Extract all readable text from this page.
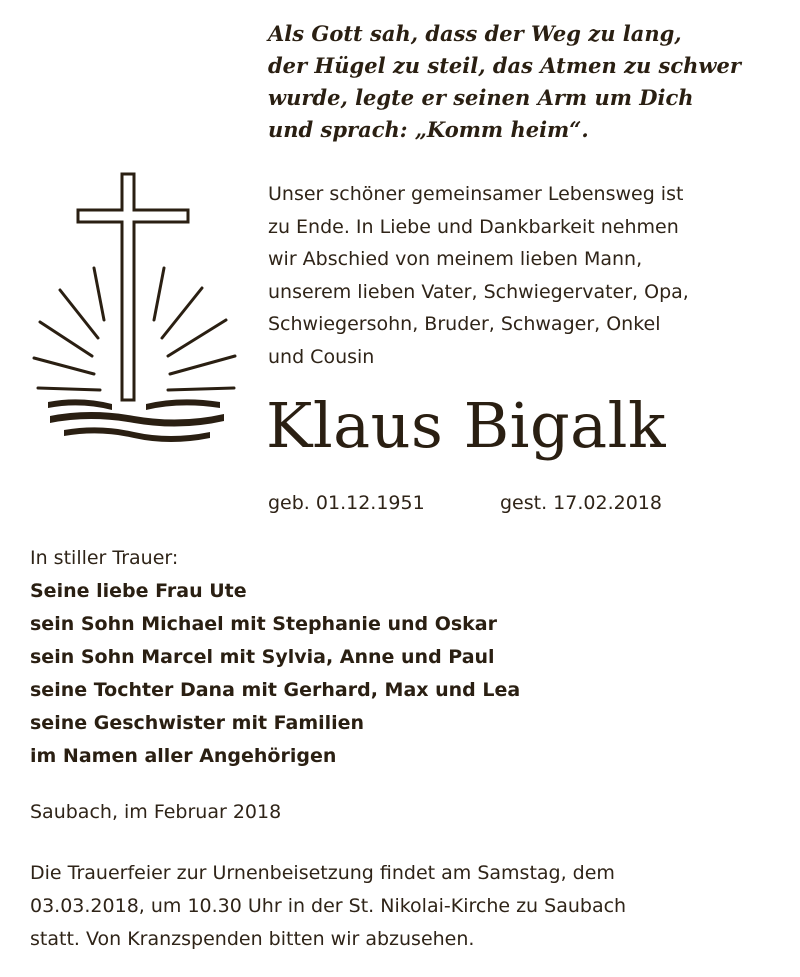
Als Gott sah, dass der Weg zu lang,
der Hügel zu steil, das Atmen zu schwer
wurde, legte er seinen Arm um Dich
und sprach: „Komm heim“.
Unser schöner gemeinsamer Lebensweg ist
zu Ende. In Liebe und Dankbarkeit nehmen
wir Abschied von meinem lieben Mann,
unserem lieben Vater, Schwiegervater, Opa,
Schwiegersohn, Bruder, Schwager, Onkel
und Cousin
Klaus Bigalk
geb. 01.12.1951	gest. 17.02.2018
In stiller Trauer:
Seine liebe Frau Ute
sein Sohn Michael mit Stephanie und Oskar
sein Sohn Marcel mit Sylvia, Anne und Paul
seine Tochter Dana mit Gerhard, Max und Lea
seine Geschwister mit Familien
im Namen aller Angehörigen
Saubach, im Februar 2018
Die Trauerfeier zur Urnenbeisetzung findet am Samstag, dem
03.03.2018, um 10.30 Uhr in der St. Nikolai-Kirche zu Saubach
statt. Von Kranzspenden bitten wir abzusehen.
